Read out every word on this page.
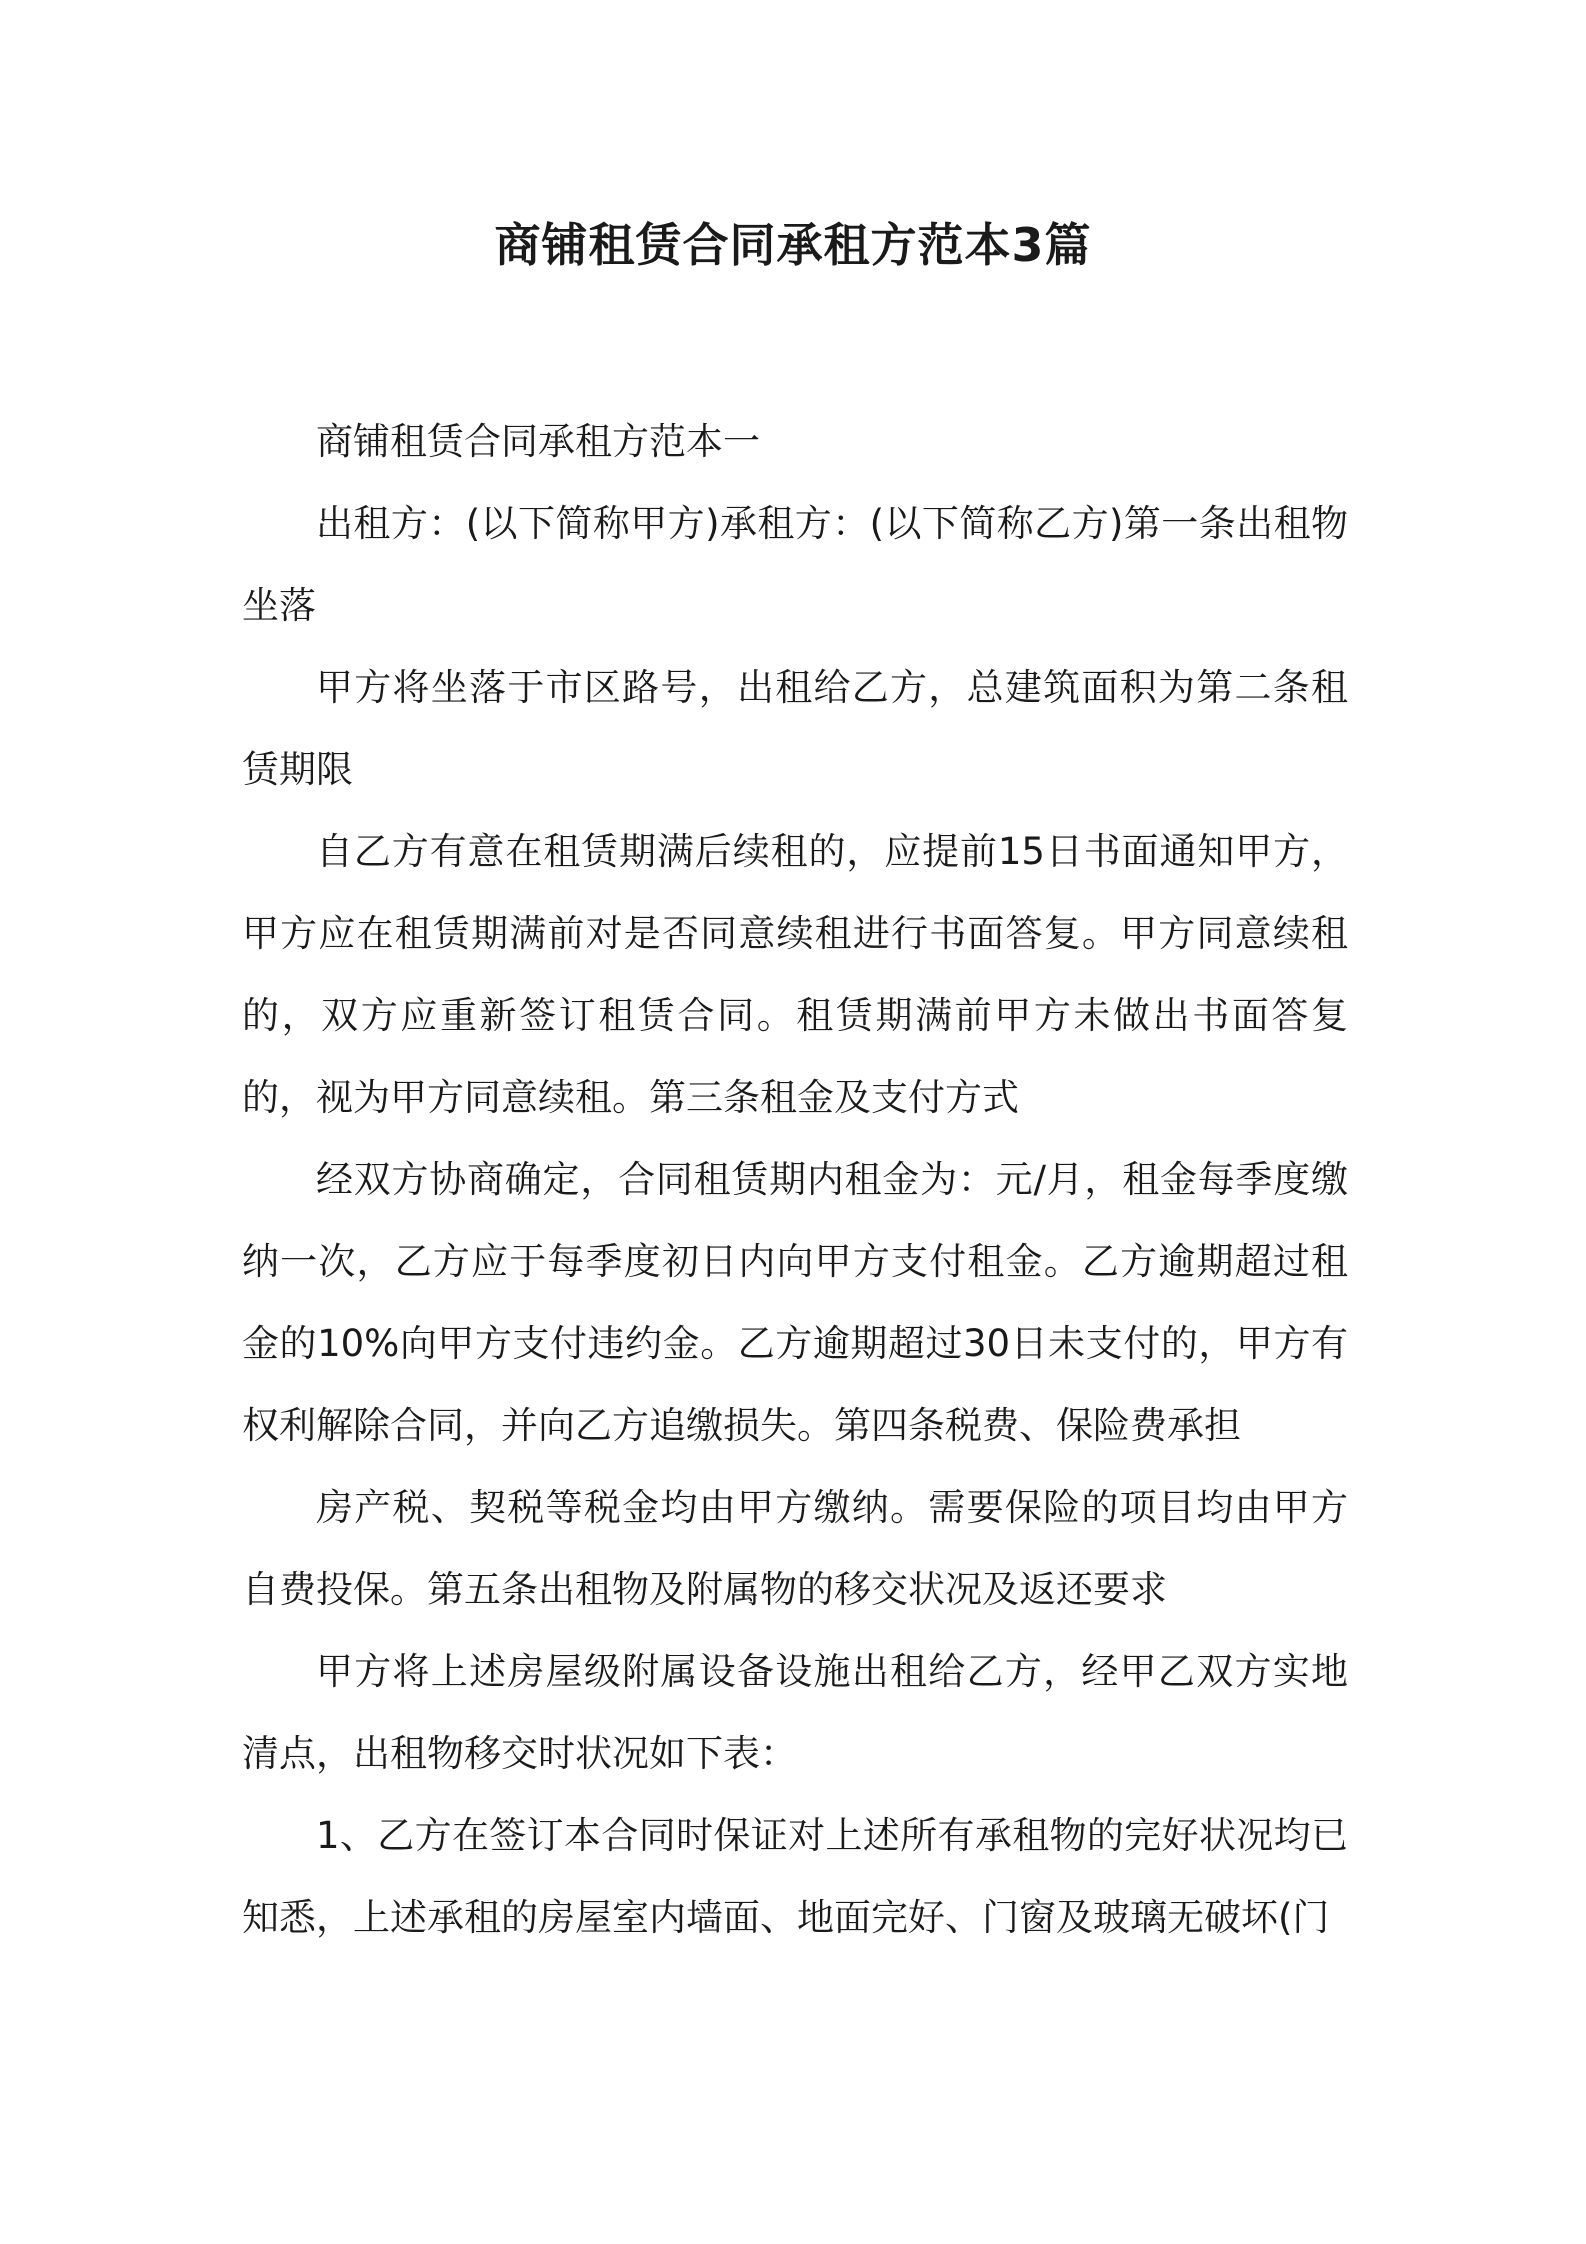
商铺租赁合同承租方范本3篇

商铺租赁合同承租方范本一

出租方：(以下简称甲方)承租方：(以下简称乙方)第一条出租物坐落

甲方将坐落于市区路号，出租给乙方，总建筑面积为第二条租赁期限

自乙方有意在租赁期满后续租的，应提前15日书面通知甲方，甲方应在租赁期满前对是否同意续租进行书面答复。甲方同意续租的，双方应重新签订租赁合同。租赁期满前甲方未做出书面答复的，视为甲方同意续租。第三条租金及支付方式

经双方协商确定，合同租赁期内租金为：元/月，租金每季度缴纳一次，乙方应于每季度初日内向甲方支付租金。乙方逾期超过租金的10%向甲方支付违约金。乙方逾期超过30日未支付的，甲方有权利解除合同，并向乙方追缴损失。第四条税费、保险费承担

房产税、契税等税金均由甲方缴纳。需要保险的项目均由甲方自费投保。第五条出租物及附属物的移交状况及返还要求

甲方将上述房屋级附属设备设施出租给乙方，经甲乙双方实地清点，出租物移交时状况如下表：

1、乙方在签订本合同时保证对上述所有承租物的完好状况均已知悉，上述承租的房屋室内墙面、地面完好、门窗及玻璃无破坏(门
